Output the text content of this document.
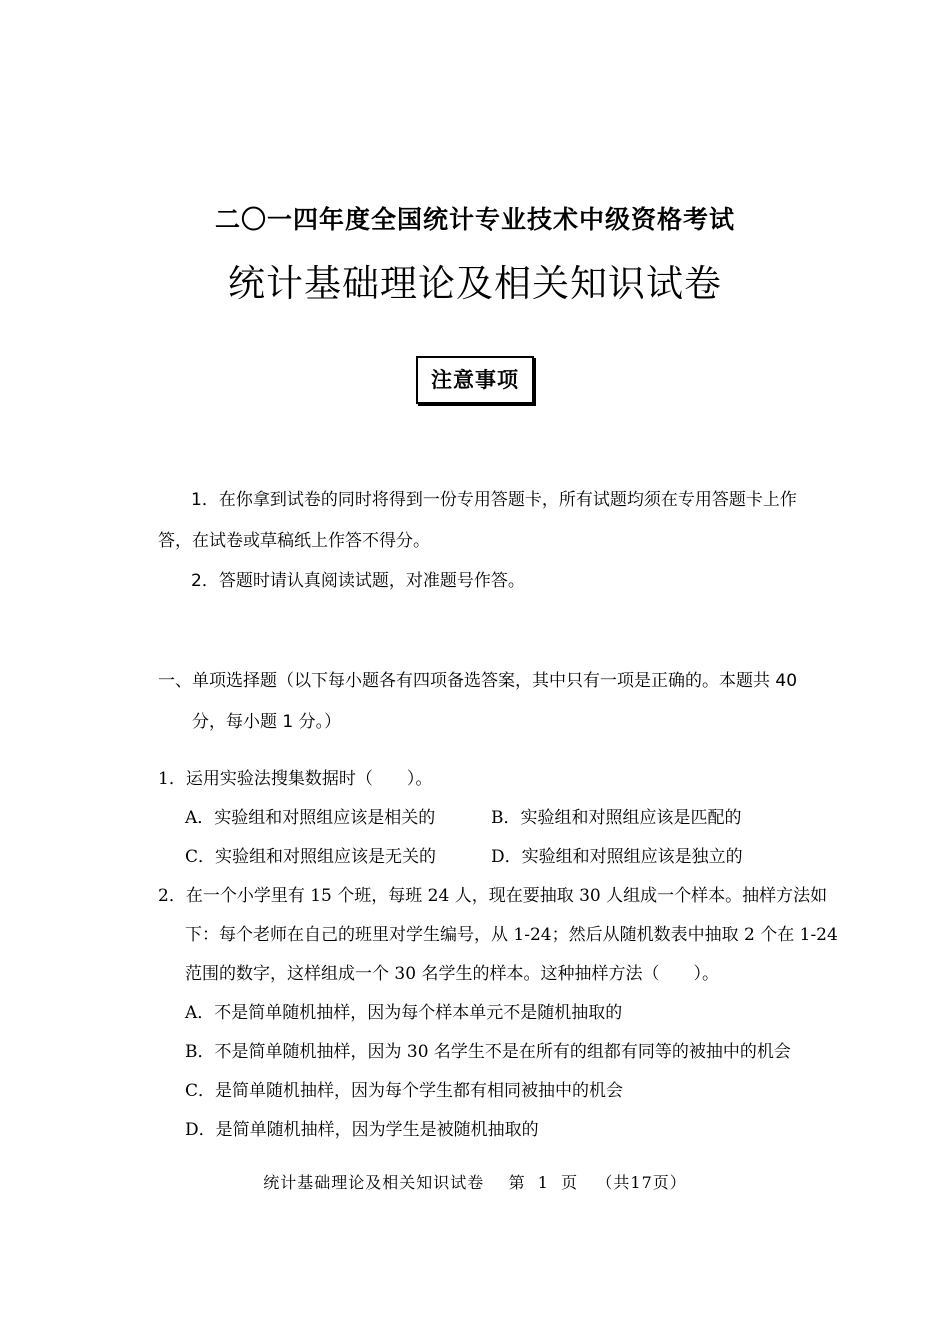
二〇一四年度全国统计专业技术中级资格考试
统计基础理论及相关知识试卷
注意事项
1．在你拿到试卷的同时将得到一份专用答题卡，所有试题均须在专用答题卡上作
答，在试卷或草稿纸上作答不得分。
2．答题时请认真阅读试题，对准题号作答。
一、单项选择题（以下每小题各有四项备选答案，其中只有一项是正确的。本题共 40
分，每小题 1 分。）
1．运用实验法搜集数据时（　　）。
A．实验组和对照组应该是相关的	B．实验组和对照组应该是匹配的
C．实验组和对照组应该是无关的	D．实验组和对照组应该是独立的
2．在一个小学里有 15 个班，每班 24 人，现在要抽取 30 人组成一个样本。抽样方法如
下：每个老师在自己的班里对学生编号，从 1-24；然后从随机数表中抽取 2 个在 1-24
范围的数字，这样组成一个 30 名学生的样本。这种抽样方法（　　）。
A．不是简单随机抽样，因为每个样本单元不是随机抽取的
B．不是简单随机抽样，因为 30 名学生不是在所有的组都有同等的被抽中的机会
C．是简单随机抽样，因为每个学生都有相同被抽中的机会
D．是简单随机抽样，因为学生是被随机抽取的
统计基础理论及相关知识试卷 第  1  页 （共17页）
